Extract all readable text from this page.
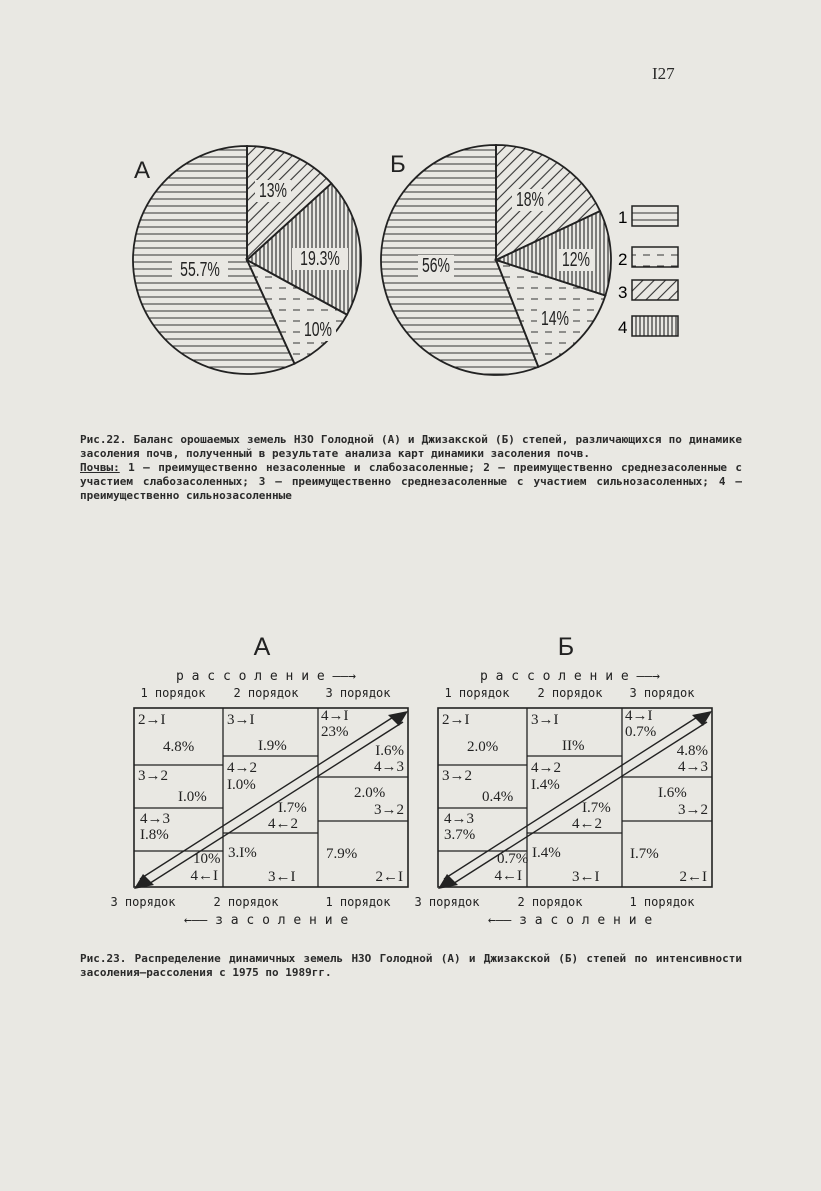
I27
А
13%
19.3%
10%
55.7%
Б
18%
12%
14%
56%
1
2
3
4

Рис.22. Баланс орошаемых земель НЗО Голодной (А) и Джизакской (Б) степей, различающихся по динамике засоления почв, полученный в результате анализа карт динамики засоления почв.

Почвы: 1 – преимущественно незасоленные и слабозасоленные; 2 – преимущественно среднезасоленные с участием слабозасоленных; 3 – преимущественно среднезасоленные с участием сильнозасоленных; 4 – преимущественно сильнозасоленные

А
р а с с о л е н и е ——→
1 порядок 2 порядок 3 порядок
2→I
4.8%
3→I
I.9%
4→I
23%
3→2
I.0%
4→2
I.0%
I.6%
4→3
2.0%
3→2
4→3
I.8%
I.7%
4←2
10%
4←I
3.I%
3←I
7.9%
2←I
3 порядок	2 порядок	1 порядок
←—— з а с о л е н и е
Б
р а с с о л е н и е ——→
1 порядок 2 порядок 3 порядок
2→I
2.0%
3→I
II%
4→I
0.7%
3→2
0.4%
4→2
I.4%
4.8%
4→3
I.6%
3→2
4→3
3.7%
I.7%
4←2
0.7%
4←I
I.4%
3←I
I.7%
2←I
3 порядок	2 порядок	1 порядок
←—— з а с о л е н и е

Рис.23. Распределение динамичных земель НЗО Голодной (А) и Джизакской (Б) степей по интенсивности засоления–рассоления с 1975 по 1989гг.
